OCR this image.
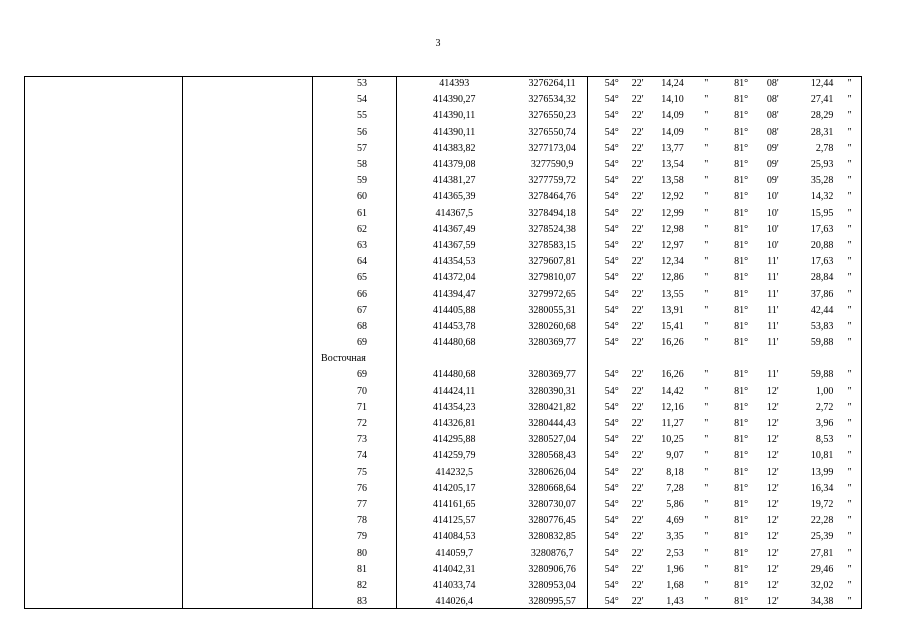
3
		53	414393	3276264,11	54°	22'	14,24	"	81°	08'	12,44	"
		54	414390,27	3276534,32	54°	22'	14,10	"	81°	08'	27,41	"
		55	414390,11	3276550,23	54°	22'	14,09	"	81°	08'	28,29	"
		56	414390,11	3276550,74	54°	22'	14,09	"	81°	08'	28,31	"
		57	414383,82	3277173,04	54°	22'	13,77	"	81°	09'	2,78	"
		58	414379,08	3277590,9	54°	22'	13,54	"	81°	09'	25,93	"
		59	414381,27	3277759,72	54°	22'	13,58	"	81°	09'	35,28	"
		60	414365,39	3278464,76	54°	22'	12,92	"	81°	10'	14,32	"
		61	414367,5	3278494,18	54°	22'	12,99	"	81°	10'	15,95	"
		62	414367,49	3278524,38	54°	22'	12,98	"	81°	10'	17,63	"
		63	414367,59	3278583,15	54°	22'	12,97	"	81°	10'	20,88	"
		64	414354,53	3279607,81	54°	22'	12,34	"	81°	11'	17,63	"
		65	414372,04	3279810,07	54°	22'	12,86	"	81°	11'	28,84	"
		66	414394,47	3279972,65	54°	22'	13,55	"	81°	11'	37,86	"
		67	414405,88	3280055,31	54°	22'	13,91	"	81°	11'	42,44	"
		68	414453,78	3280260,68	54°	22'	15,41	"	81°	11'	53,83	"
		69	414480,68	3280369,77	54°	22'	16,26	"	81°	11'	59,88	"
		Восточная										
		69	414480,68	3280369,77	54°	22'	16,26	"	81°	11'	59,88	"
		70	414424,11	3280390,31	54°	22'	14,42	"	81°	12'	1,00	"
		71	414354,23	3280421,82	54°	22'	12,16	"	81°	12'	2,72	"
		72	414326,81	3280444,43	54°	22'	11,27	"	81°	12'	3,96	"
		73	414295,88	3280527,04	54°	22'	10,25	"	81°	12'	8,53	"
		74	414259,79	3280568,43	54°	22'	9,07	"	81°	12'	10,81	"
		75	414232,5	3280626,04	54°	22'	8,18	"	81°	12'	13,99	"
		76	414205,17	3280668,64	54°	22'	7,28	"	81°	12'	16,34	"
		77	414161,65	3280730,07	54°	22'	5,86	"	81°	12'	19,72	"
		78	414125,57	3280776,45	54°	22'	4,69	"	81°	12'	22,28	"
		79	414084,53	3280832,85	54°	22'	3,35	"	81°	12'	25,39	"
		80	414059,7	3280876,7	54°	22'	2,53	"	81°	12'	27,81	"
		81	414042,31	3280906,76	54°	22'	1,96	"	81°	12'	29,46	"
		82	414033,74	3280953,04	54°	22'	1,68	"	81°	12'	32,02	"
		83	414026,4	3280995,57	54°	22'	1,43	"	81°	12'	34,38	"
